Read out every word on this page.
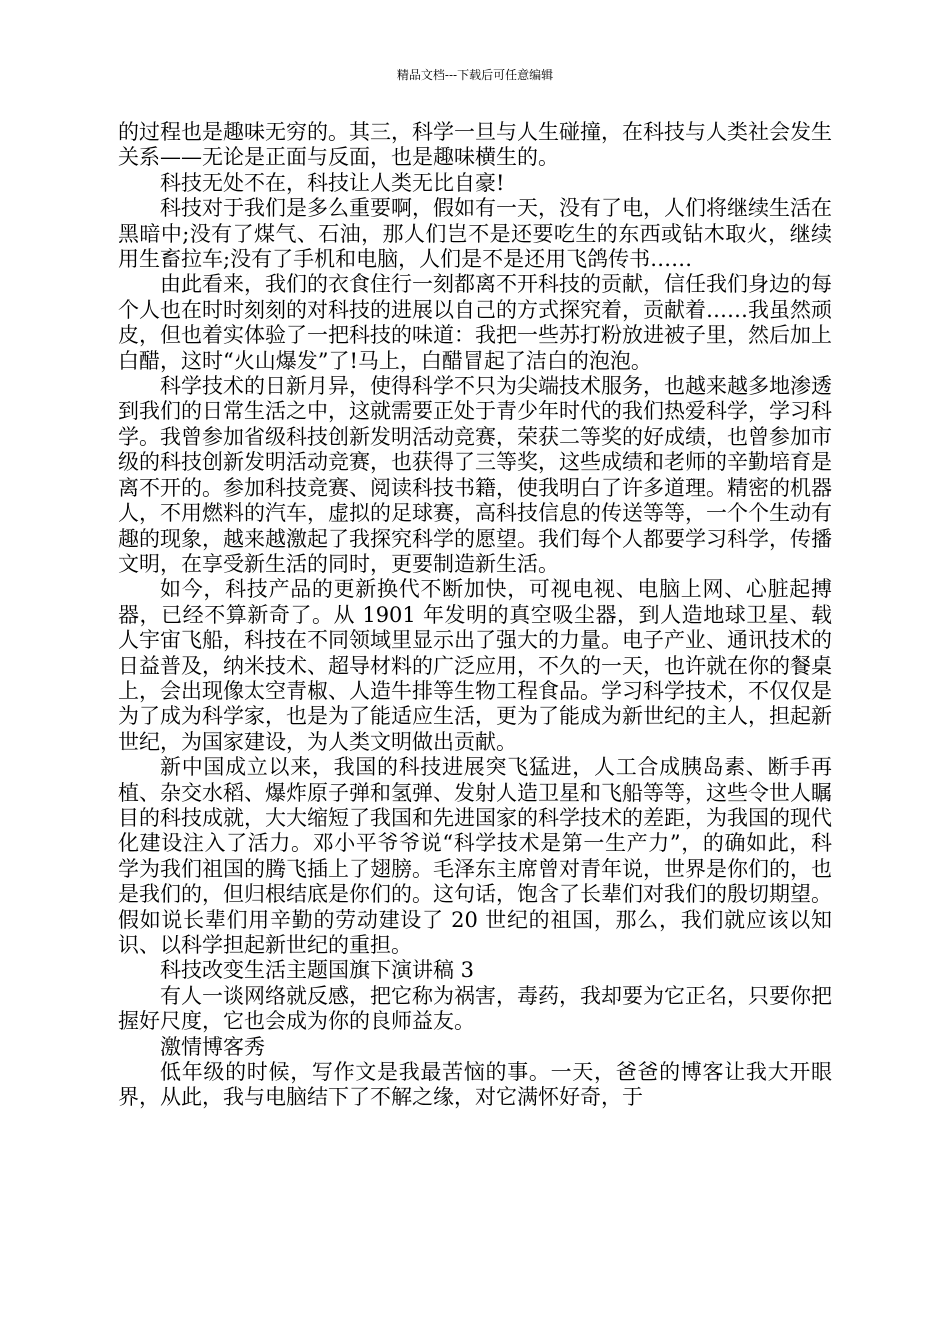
精品文档---下载后可任意编辑

的过程也是趣味无穷的。其三，科学一旦与人生碰撞，在科技与人类社会发生关系——无论是正面与反面，也是趣味横生的。

科技无处不在，科技让人类无比自豪!

科技对于我们是多么重要啊，假如有一天，没有了电，人们将继续生活在黑暗中;没有了煤气、石油，那人们岂不是还要吃生的东西或钻木取火，继续用生畜拉车;没有了手机和电脑，人们是不是还用飞鸽传书……

由此看来，我们的衣食住行一刻都离不开科技的贡献，信任我们身边的每个人也在时时刻刻的对科技的进展以自己的方式探究着，贡献着……我虽然顽皮，但也着实体验了一把科技的味道：我把一些苏打粉放进被子里，然后加上白醋，这时“火山爆发”了!马上，白醋冒起了洁白的泡泡。

科学技术的日新月异，使得科学不只为尖端技术服务，也越来越多地渗透到我们的日常生活之中，这就需要正处于青少年时代的我们热爱科学，学习科学。我曾参加省级科技创新发明活动竞赛，荣获二等奖的好成绩，也曾参加市级的科技创新发明活动竞赛，也获得了三等奖，这些成绩和老师的辛勤培育是离不开的。参加科技竞赛、阅读科技书籍，使我明白了许多道理。精密的机器人，不用燃料的汽车，虚拟的足球赛，高科技信息的传送等等，一个个生动有趣的现象，越来越激起了我探究科学的愿望。我们每个人都要学习科学，传播文明，在享受新生活的同时，更要制造新生活。

如今，科技产品的更新换代不断加快，可视电视、电脑上网、心脏起搏器，已经不算新奇了。从 1901 年发明的真空吸尘器，到人造地球卫星、载人宇宙飞船，科技在不同领域里显示出了强大的力量。电子产业、通讯技术的日益普及，纳米技术、超导材料的广泛应用，不久的一天，也许就在你的餐桌上，会出现像太空青椒、人造牛排等生物工程食品。学习科学技术，不仅仅是为了成为科学家，也是为了能适应生活，更为了能成为新世纪的主人，担起新世纪，为国家建设，为人类文明做出贡献。

新中国成立以来，我国的科技进展突飞猛进，人工合成胰岛素、断手再植、杂交水稻、爆炸原子弹和氢弹、发射人造卫星和飞船等等，这些令世人瞩目的科技成就，大大缩短了我国和先进国家的科学技术的差距，为我国的现代化建设注入了活力。邓小平爷爷说“科学技术是第一生产力”，的确如此，科学为我们祖国的腾飞插上了翅膀。毛泽东主席曾对青年说，世界是你们的，也是我们的，但归根结底是你们的。这句话，饱含了长辈们对我们的殷切期望。假如说长辈们用辛勤的劳动建设了 20 世纪的祖国，那么，我们就应该以知识、以科学担起新世纪的重担。

科技改变生活主题国旗下演讲稿 3

有人一谈网络就反感，把它称为祸害，毒药，我却要为它正名，只要你把握好尺度，它也会成为你的良师益友。

激情博客秀

低年级的时候，写作文是我最苦恼的事。一天，爸爸的博客让我大开眼界，从此，我与电脑结下了不解之缘，对它满怀好奇，于
